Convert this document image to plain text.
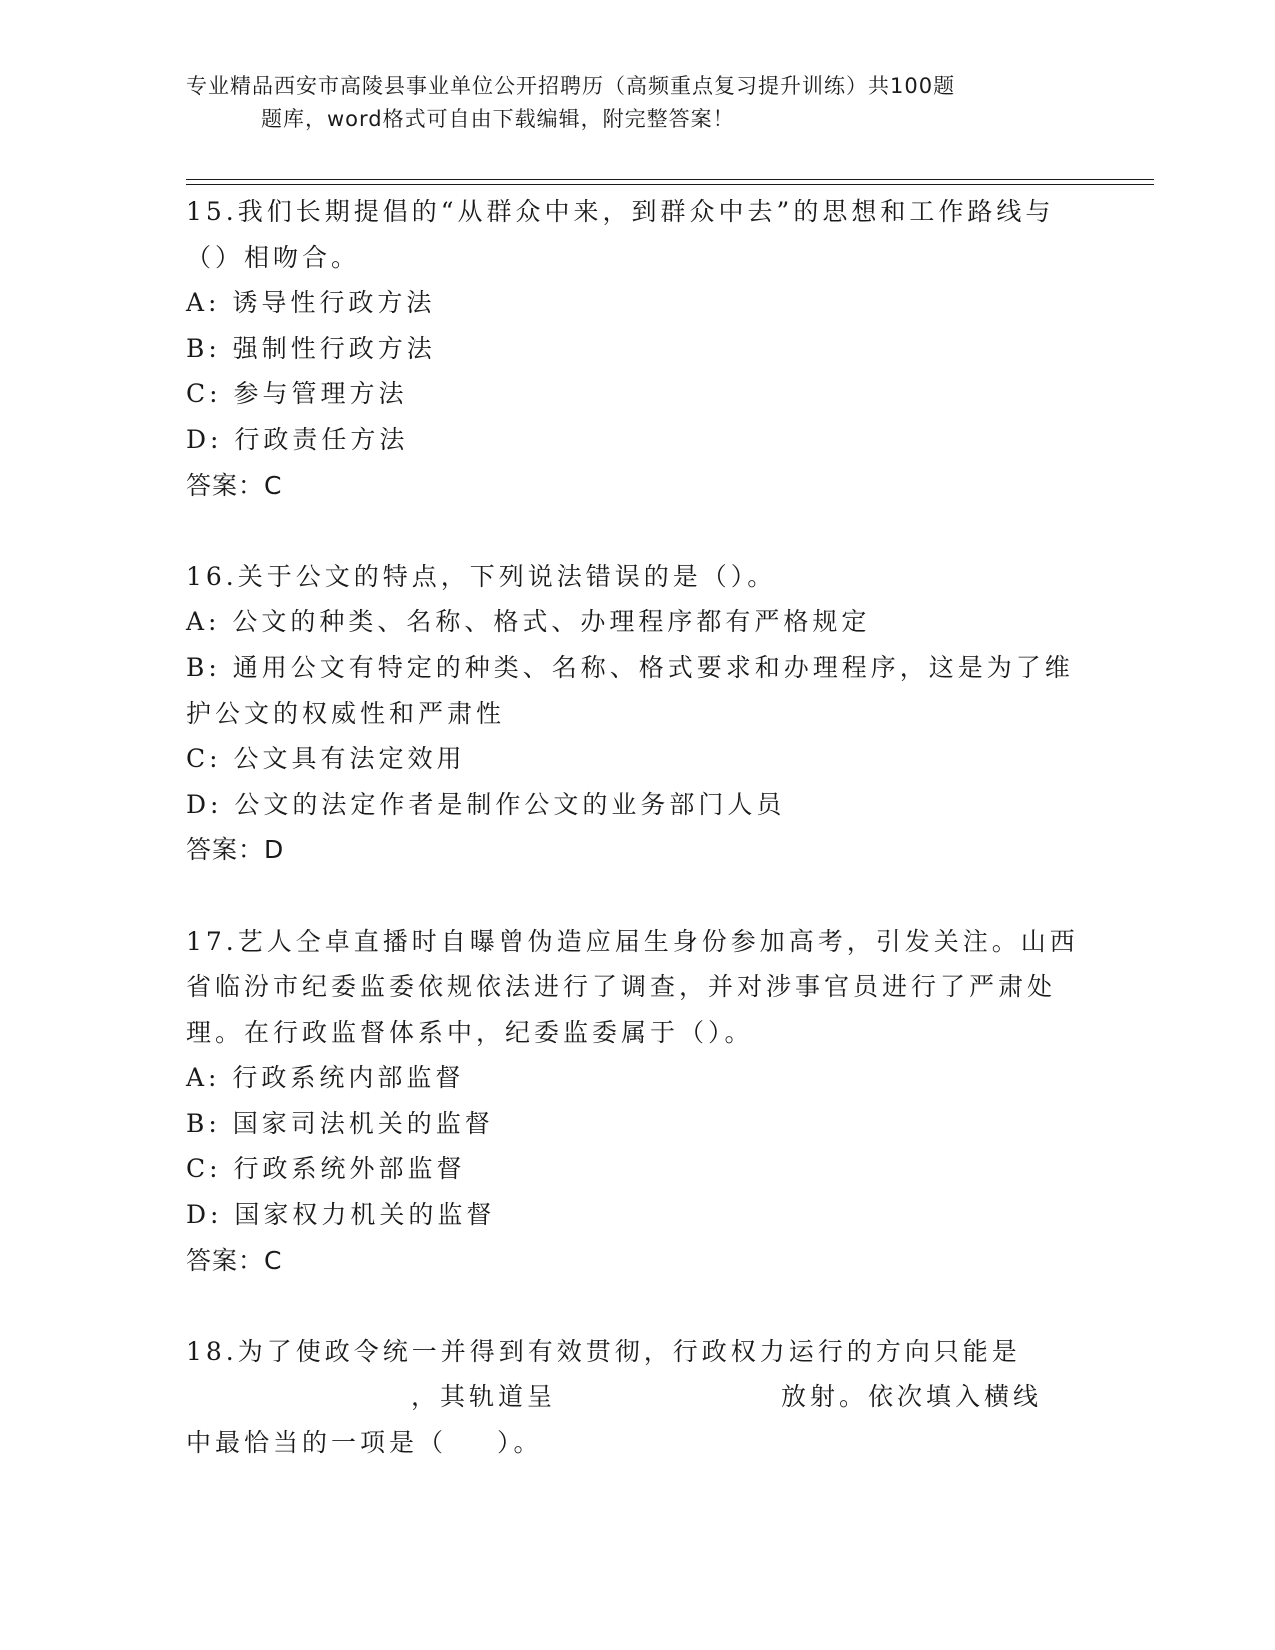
专业精品西安市高陵县事业单位公开招聘历（高频重点复习提升训练）共100题
题库，word格式可自由下载编辑，附完整答案！
15.我们长期提倡的“从群众中来，到群众中去”的思想和工作路线与
（）相吻合。
A: 诱导性行政方法
B: 强制性行政方法
C: 参与管理方法
D: 行政责任方法
答案：C
16.关于公文的特点，下列说法错误的是（）。
A: 公文的种类、名称、格式、办理程序都有严格规定
B: 通用公文有特定的种类、名称、格式要求和办理程序，这是为了维
护公文的权威性和严肃性
C: 公文具有法定效用
D: 公文的法定作者是制作公文的业务部门人员
答案：D
17.艺人仝卓直播时自曝曾伪造应届生身份参加高考，引发关注。山西
省临汾市纪委监委依规依法进行了调查，并对涉事官员进行了严肃处
理。在行政监督体系中，纪委监委属于（）。
A: 行政系统内部监督
B: 国家司法机关的监督
C: 行政系统外部监督
D: 国家权力机关的监督
答案：C
18.为了使政令统一并得到有效贯彻，行政权力运行的方向只能是
，其轨道呈	放射。依次填入横线
中最恰当的一项是（ ）。
